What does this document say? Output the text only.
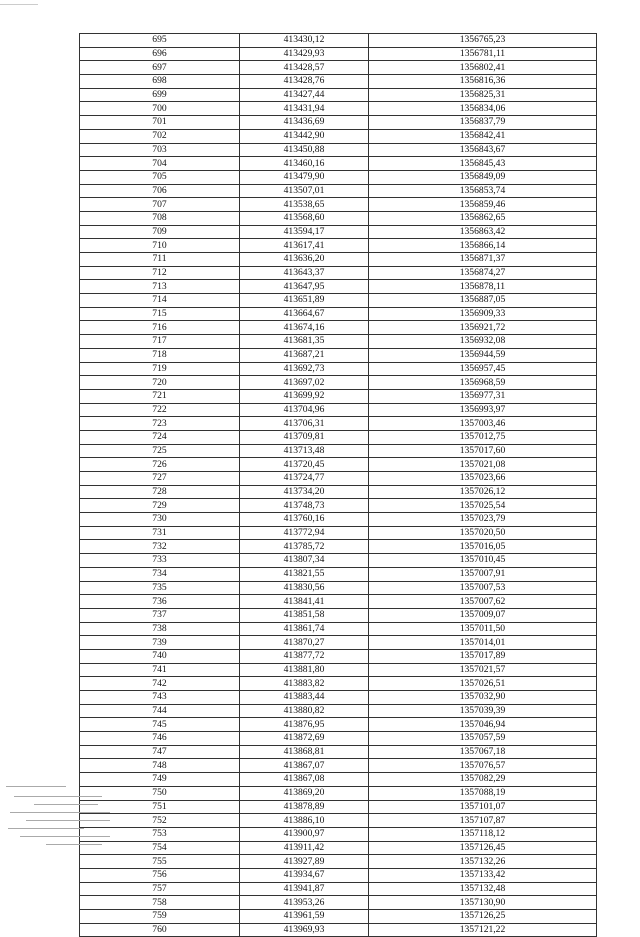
695	413430,12	1356765,23
696	413429,93	1356781,11
697	413428,57	1356802,41
698	413428,76	1356816,36
699	413427,44	1356825,31
700	413431,94	1356834,06
701	413436,69	1356837,79
702	413442,90	1356842,41
703	413450,88	1356843,67
704	413460,16	1356845,43
705	413479,90	1356849,09
706	413507,01	1356853,74
707	413538,65	1356859,46
708	413568,60	1356862,65
709	413594,17	1356863,42
710	413617,41	1356866,14
711	413636,20	1356871,37
712	413643,37	1356874,27
713	413647,95	1356878,11
714	413651,89	1356887,05
715	413664,67	1356909,33
716	413674,16	1356921,72
717	413681,35	1356932,08
718	413687,21	1356944,59
719	413692,73	1356957,45
720	413697,02	1356968,59
721	413699,92	1356977,31
722	413704,96	1356993,97
723	413706,31	1357003,46
724	413709,81	1357012,75
725	413713,48	1357017,60
726	413720,45	1357021,08
727	413724,77	1357023,66
728	413734,20	1357026,12
729	413748,73	1357025,54
730	413760,16	1357023,79
731	413772,94	1357020,50
732	413785,72	1357016,05
733	413807,34	1357010,45
734	413821,55	1357007,91
735	413830,56	1357007,53
736	413841,41	1357007,62
737	413851,58	1357009,07
738	413861,74	1357011,50
739	413870,27	1357014,01
740	413877,72	1357017,89
741	413881,80	1357021,57
742	413883,82	1357026,51
743	413883,44	1357032,90
744	413880,82	1357039,39
745	413876,95	1357046,94
746	413872,69	1357057,59
747	413868,81	1357067,18
748	413867,07	1357076,57
749	413867,08	1357082,29
750	413869,20	1357088,19
751	413878,89	1357101,07
752	413886,10	1357107,87
753	413900,97	1357118,12
754	413911,42	1357126,45
755	413927,89	1357132,26
756	413934,67	1357133,42
757	413941,87	1357132,48
758	413953,26	1357130,90
759	413961,59	1357126,25
760	413969,93	1357121,22
